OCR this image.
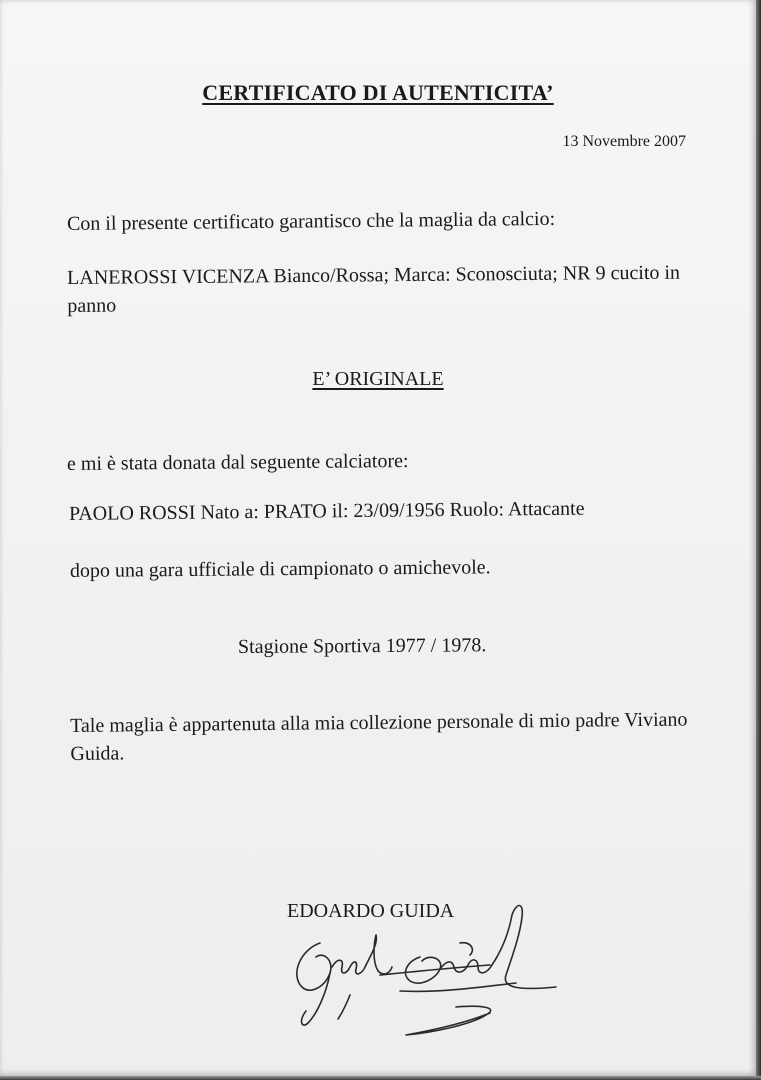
CERTIFICATO DI AUTENTICITA’
13 Novembre 2007
Con il presente certificato garantisco che la maglia da calcio:
LANEROSSI VICENZA Bianco/Rossa; Marca: Sconosciuta; NR 9 cucito in panno
E’ ORIGINALE
e mi è stata donata dal seguente calciatore:
PAOLO ROSSI Nato a: PRATO il: 23/09/1956 Ruolo: Attacante
dopo una gara ufficiale di campionato o amichevole.
Stagione Sportiva 1977 / 1978.
Tale maglia è appartenuta alla mia collezione personale di mio padre Viviano Guida.
EDOARDO GUIDA
